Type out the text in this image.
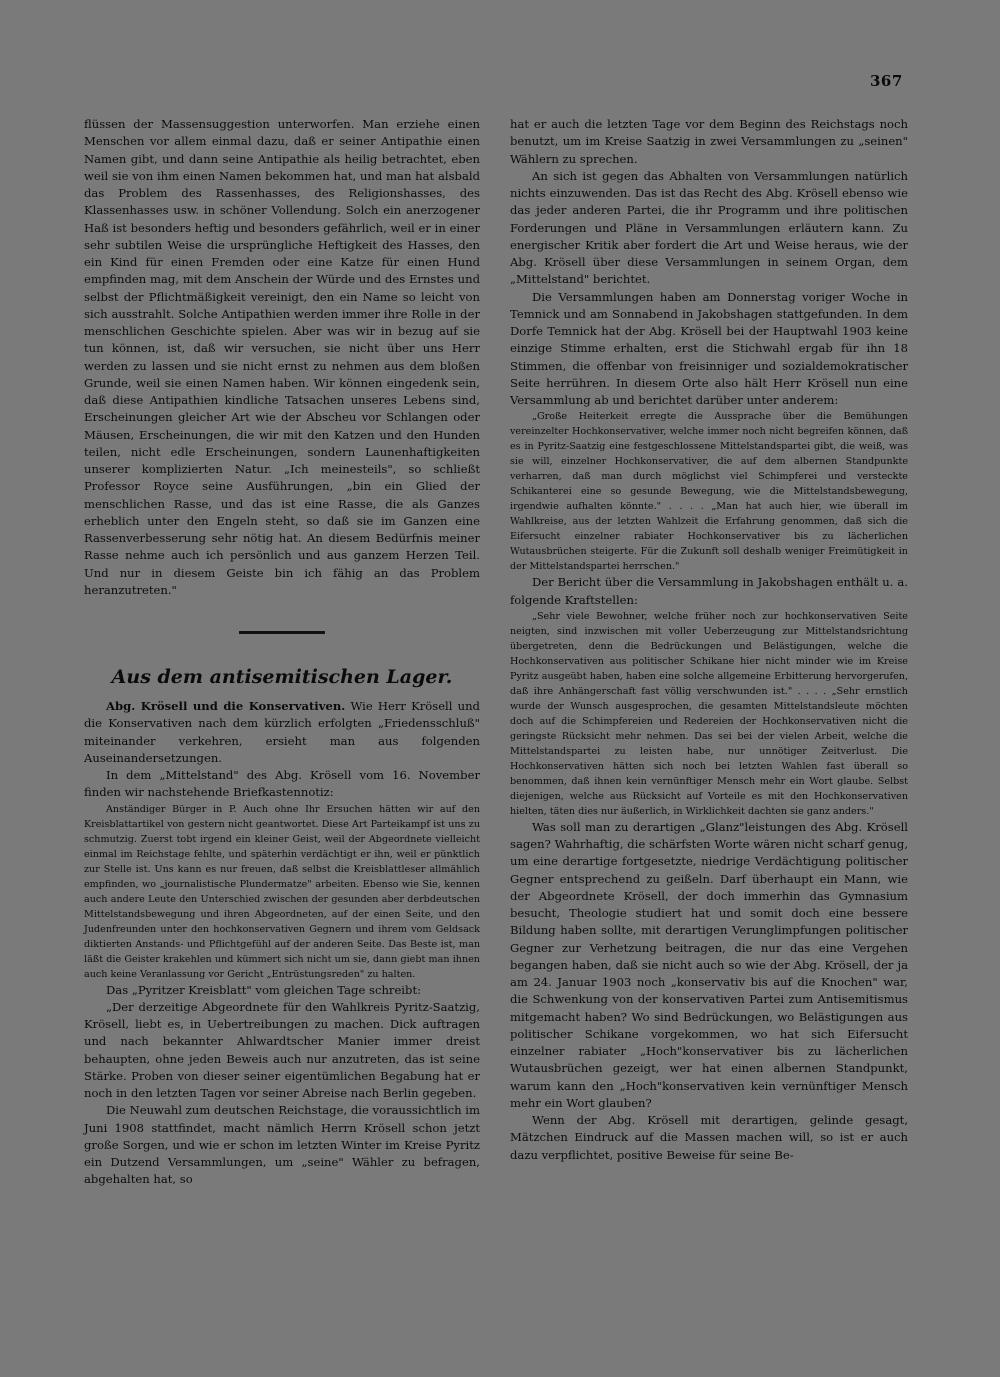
367

flüssen der Massensuggestion unterworfen. Man erziehe einen Menschen vor allem einmal dazu, daß er seiner Antipathie einen Namen gibt, und dann seine Antipathie als heilig betrachtet, eben weil sie von ihm einen Namen bekommen hat, und man hat alsbald das Problem des Rassenhasses, des Religionshasses, des Klassenhasses usw. in schöner Vollendung. Solch ein anerzogener Haß ist besonders heftig und besonders gefährlich, weil er in einer sehr subtilen Weise die ursprüngliche Heftigkeit des Hasses, den ein Kind für einen Fremden oder eine Katze für einen Hund empfinden mag, mit dem Anschein der Würde und des Ernstes und selbst der Pflichtmäßigkeit vereinigt, den ein Name so leicht von sich ausstrahlt. Solche Antipathien werden immer ihre Rolle in der menschlichen Geschichte spielen. Aber was wir in bezug auf sie tun können, ist, daß wir versuchen, sie nicht über uns Herr werden zu lassen und sie nicht ernst zu nehmen aus dem bloßen Grunde, weil sie einen Namen haben. Wir können eingedenk sein, daß diese Antipathien kindliche Tatsachen unseres Lebens sind, Erscheinungen gleicher Art wie der Abscheu vor Schlangen oder Mäusen, Erscheinungen, die wir mit den Katzen und den Hunden teilen, nicht edle Erscheinungen, sondern Launenhaftigkeiten unserer komplizierten Natur. „Ich meinesteils", so schließt Professor Royce seine Ausführungen, „bin ein Glied der menschlichen Rasse, und das ist eine Rasse, die als Ganzes erheblich unter den Engeln steht, so daß sie im Ganzen eine Rassenverbesserung sehr nötig hat. An diesem Bedürfnis meiner Rasse nehme auch ich persönlich und aus ganzem Herzen Teil. Und nur in diesem Geiste bin ich fähig an das Problem heranzutreten."

Aus dem antisemitischen Lager.

Abg. Krösell und die Konservativen. Wie Herr Krösell und die Konservativen nach dem kürzlich erfolgten „Friedensschluß" miteinander verkehren, ersieht man aus folgenden Auseinandersetzungen.

In dem „Mittelstand" des Abg. Krösell vom 16. November finden wir nachstehende Briefkastennotiz:

Anständiger Bürger in P. Auch ohne Ihr Ersuchen hätten wir auf den Kreisblattartikel von gestern nicht geantwortet. Diese Art Parteikampf ist uns zu schmutzig. Zuerst tobt irgend ein kleiner Geist, weil der Abgeordnete vielleicht einmal im Reichstage fehlte, und späterhin verdächtigt er ihn, weil er pünktlich zur Stelle ist. Uns kann es nur freuen, daß selbst die Kreisblattleser allmählich empfinden, wo „journalistische Plundermatze" arbeiten. Ebenso wie Sie, kennen auch andere Leute den Unterschied zwischen der gesunden aber derbdeutschen Mittelstandsbewegung und ihren Abgeordneten, auf der einen Seite, und den Judenfreunden unter den hochkonservativen Gegnern und ihrem vom Geldsack diktierten Anstands- und Pflichtgefühl auf der anderen Seite. Das Beste ist, man läßt die Geister krakehlen und kümmert sich nicht um sie, dann giebt man ihnen auch keine Veranlassung vor Gericht „Entrüstungsreden" zu halten.

Das „Pyritzer Kreisblatt" vom gleichen Tage schreibt:

„Der derzeitige Abgeordnete für den Wahlkreis Pyritz-Saatzig, Krösell, liebt es, in Uebertreibungen zu machen. Dick auftragen und nach bekannter Ahlwardtscher Manier immer dreist behaupten, ohne jeden Beweis auch nur anzutreten, das ist seine Stärke. Proben von dieser seiner eigentümlichen Begabung hat er noch in den letzten Tagen vor seiner Abreise nach Berlin gegeben.

Die Neuwahl zum deutschen Reichstage, die voraussichtlich im Juni 1908 stattfindet, macht nämlich Herrn Krösell schon jetzt große Sorgen, und wie er schon im letzten Winter im Kreise Pyritz ein Dutzend Versammlungen, um „seine" Wähler zu befragen, abgehalten hat, so

hat er auch die letzten Tage vor dem Beginn des Reichstags noch benutzt, um im Kreise Saatzig in zwei Versammlungen zu „seinen" Wählern zu sprechen.

An sich ist gegen das Abhalten von Versammlungen natürlich nichts einzuwenden. Das ist das Recht des Abg. Krösell ebenso wie das jeder anderen Partei, die ihr Programm und ihre politischen Forderungen und Pläne in Versammlungen erläutern kann. Zu energischer Kritik aber fordert die Art und Weise heraus, wie der Abg. Krösell über diese Versammlungen in seinem Organ, dem „Mittelstand" berichtet.

Die Versammlungen haben am Donnerstag voriger Woche in Temnick und am Sonnabend in Jakobshagen stattgefunden. In dem Dorfe Temnick hat der Abg. Krösell bei der Hauptwahl 1903 keine einzige Stimme erhalten, erst die Stichwahl ergab für ihn 18 Stimmen, die offenbar von freisinniger und sozialdemokratischer Seite herrühren. In diesem Orte also hält Herr Krösell nun eine Versammlung ab und berichtet darüber unter anderem:

„Große Heiterkeit erregte die Aussprache über die Bemühungen vereinzelter Hochkonservativer, welche immer noch nicht begreifen können, daß es in Pyritz-Saatzig eine festgeschlossene Mittelstandspartei gibt, die weiß, was sie will, einzelner Hochkonservativer, die auf dem albernen Standpunkte verharren, daß man durch möglichst viel Schimpferei und versteckte Schikanterei eine so gesunde Bewegung, wie die Mittelstandsbewegung, irgendwie aufhalten könnte." . . . . „Man hat auch hier, wie überall im Wahlkreise, aus der letzten Wahlzeit die Erfahrung genommen, daß sich die Eifersucht einzelner rabiater Hochkonservativer bis zu lächerlichen Wutausbrüchen steigerte. Für die Zukunft soll deshalb weniger Freimütigkeit in der Mittelstandspartei herrschen."

Der Bericht über die Versammlung in Jakobshagen enthält u. a. folgende Kraftstellen:

„Sehr viele Bewohner, welche früher noch zur hochkonservativen Seite neigten, sind inzwischen mit voller Ueberzeugung zur Mittelstandsrichtung übergetreten, denn die Bedrückungen und Belästigungen, welche die Hochkonservativen aus politischer Schikane hier nicht minder wie im Kreise Pyritz ausgeübt haben, haben eine solche allgemeine Erbitterung hervorgerufen, daß ihre Anhängerschaft fast völlig verschwunden ist." . . . . „Sehr ernstlich wurde der Wunsch ausgesprochen, die gesamten Mittelstandsleute möchten doch auf die Schimpfereien und Redereien der Hochkonservativen nicht die geringste Rücksicht mehr nehmen. Das sei bei der vielen Arbeit, welche die Mittelstandspartei zu leisten habe, nur unnötiger Zeitverlust. Die Hochkonservativen hätten sich noch bei letzten Wahlen fast überall so benommen, daß ihnen kein vernünftiger Mensch mehr ein Wort glaube. Selbst diejenigen, welche aus Rücksicht auf Vorteile es mit den Hochkonservativen hielten, täten dies nur äußerlich, in Wirklichkeit dachten sie ganz anders."

Was soll man zu derartigen „Glanz"leistungen des Abg. Krösell sagen? Wahrhaftig, die schärfsten Worte wären nicht scharf genug, um eine derartige fortgesetzte, niedrige Verdächtigung politischer Gegner entsprechend zu geißeln. Darf überhaupt ein Mann, wie der Abgeordnete Krösell, der doch immerhin das Gymnasium besucht, Theologie studiert hat und somit doch eine bessere Bildung haben sollte, mit derartigen Verunglimpfungen politischer Gegner zur Verhetzung beitragen, die nur das eine Vergehen begangen haben, daß sie nicht auch so wie der Abg. Krösell, der ja am 24. Januar 1903 noch „konservativ bis auf die Knochen" war, die Schwenkung von der konservativen Partei zum Antisemitismus mitgemacht haben? Wo sind Bedrückungen, wo Belästigungen aus politischer Schikane vorgekommen, wo hat sich Eifersucht einzelner rabiater „Hoch"konservativer bis zu lächerlichen Wutausbrüchen gezeigt, wer hat einen albernen Standpunkt, warum kann den „Hoch"konservativen kein vernünftiger Mensch mehr ein Wort glauben?

Wenn der Abg. Krösell mit derartigen, gelinde gesagt, Mätzchen Eindruck auf die Massen machen will, so ist er auch dazu verpflichtet, positive Beweise für seine Be-
